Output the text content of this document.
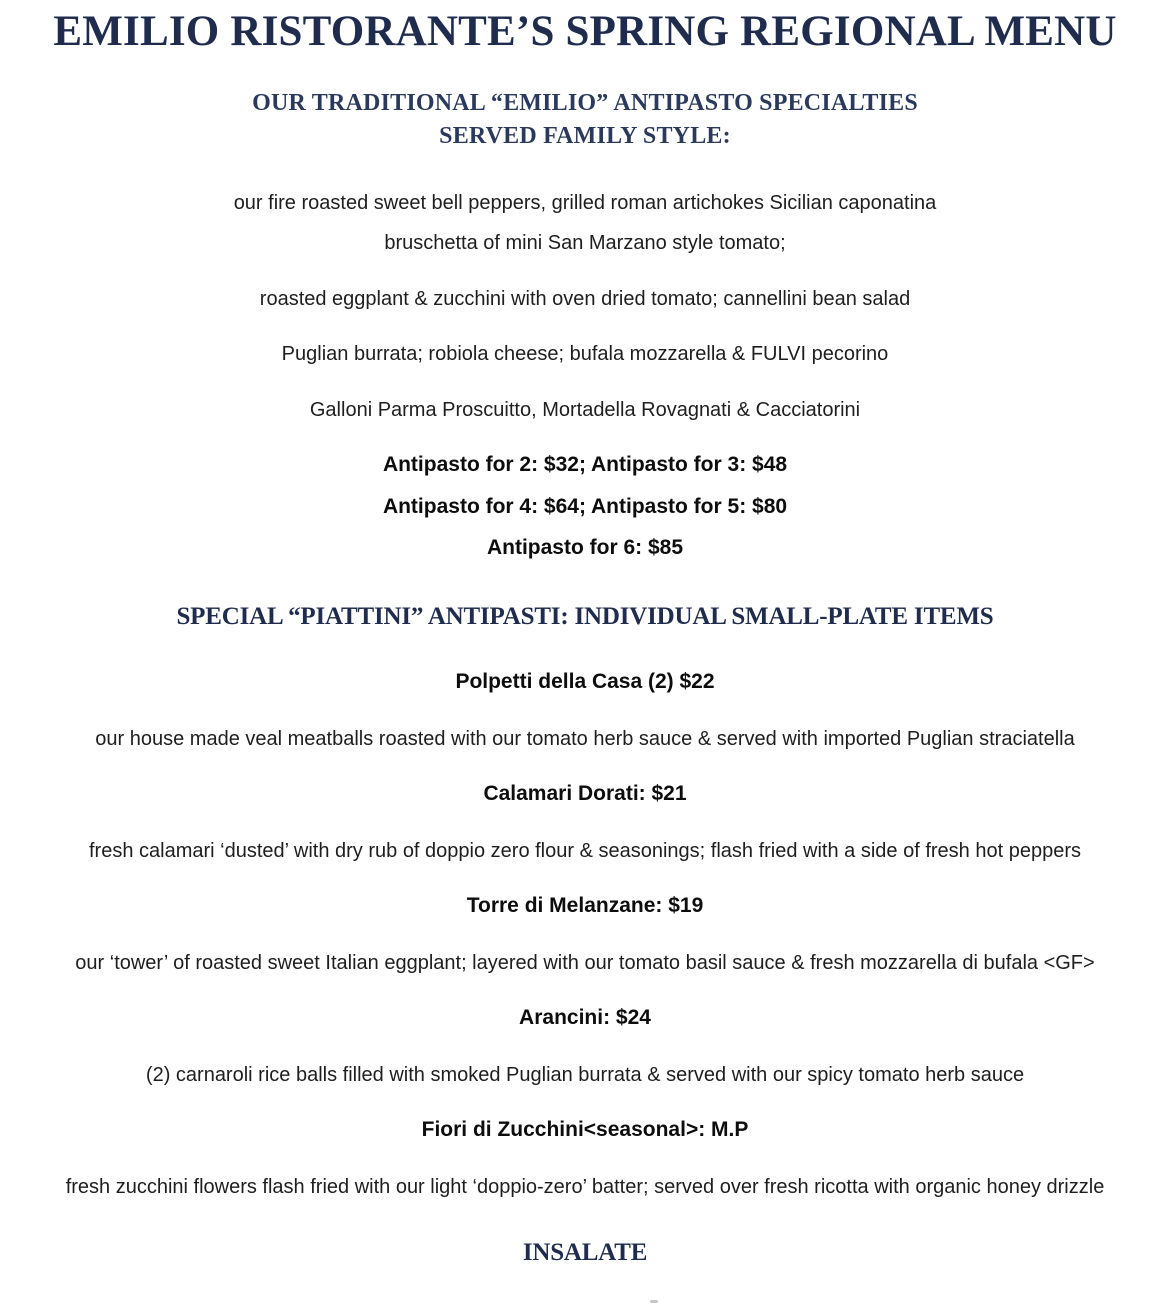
EMILIO RISTORANTE’S SPRING REGIONAL MENU
OUR TRADITIONAL “EMILIO” ANTIPASTO SPECIALTIES
SERVED FAMILY STYLE:

our fire roasted sweet bell peppers, grilled roman artichokes Sicilian caponatina

bruschetta of mini San Marzano style tomato;

roasted eggplant & zucchini with oven dried tomato; cannellini bean salad

Puglian burrata; robiola cheese; bufala mozzarella & FULVI pecorino

Galloni Parma Proscuitto, Mortadella Rovagnati & Cacciatorini

Antipasto for 2: $32; Antipasto for 3: $48

Antipasto for 4: $64; Antipasto for 5: $80

Antipasto for 6: $85

SPECIAL “PIATTINI” ANTIPASTI: INDIVIDUAL SMALL-PLATE ITEMS

Polpetti della Casa (2) $22

our house made veal meatballs roasted with our tomato herb sauce & served with imported Puglian straciatella

Calamari Dorati: $21

fresh calamari ‘dusted’ with dry rub of doppio zero flour & seasonings; flash fried with a side of fresh hot peppers

Torre di Melanzane: $19

our ‘tower’ of roasted sweet Italian eggplant; layered with our tomato basil sauce & fresh mozzarella di bufala <GF>

Arancini: $24

(2) carnaroli rice balls filled with smoked Puglian burrata & served with our spicy tomato herb sauce

Fiori di Zucchini<seasonal>: M.P

fresh zucchini flowers flash fried with our light ‘doppio-zero’ batter; served over fresh ricotta with organic honey drizzle

INSALATE
